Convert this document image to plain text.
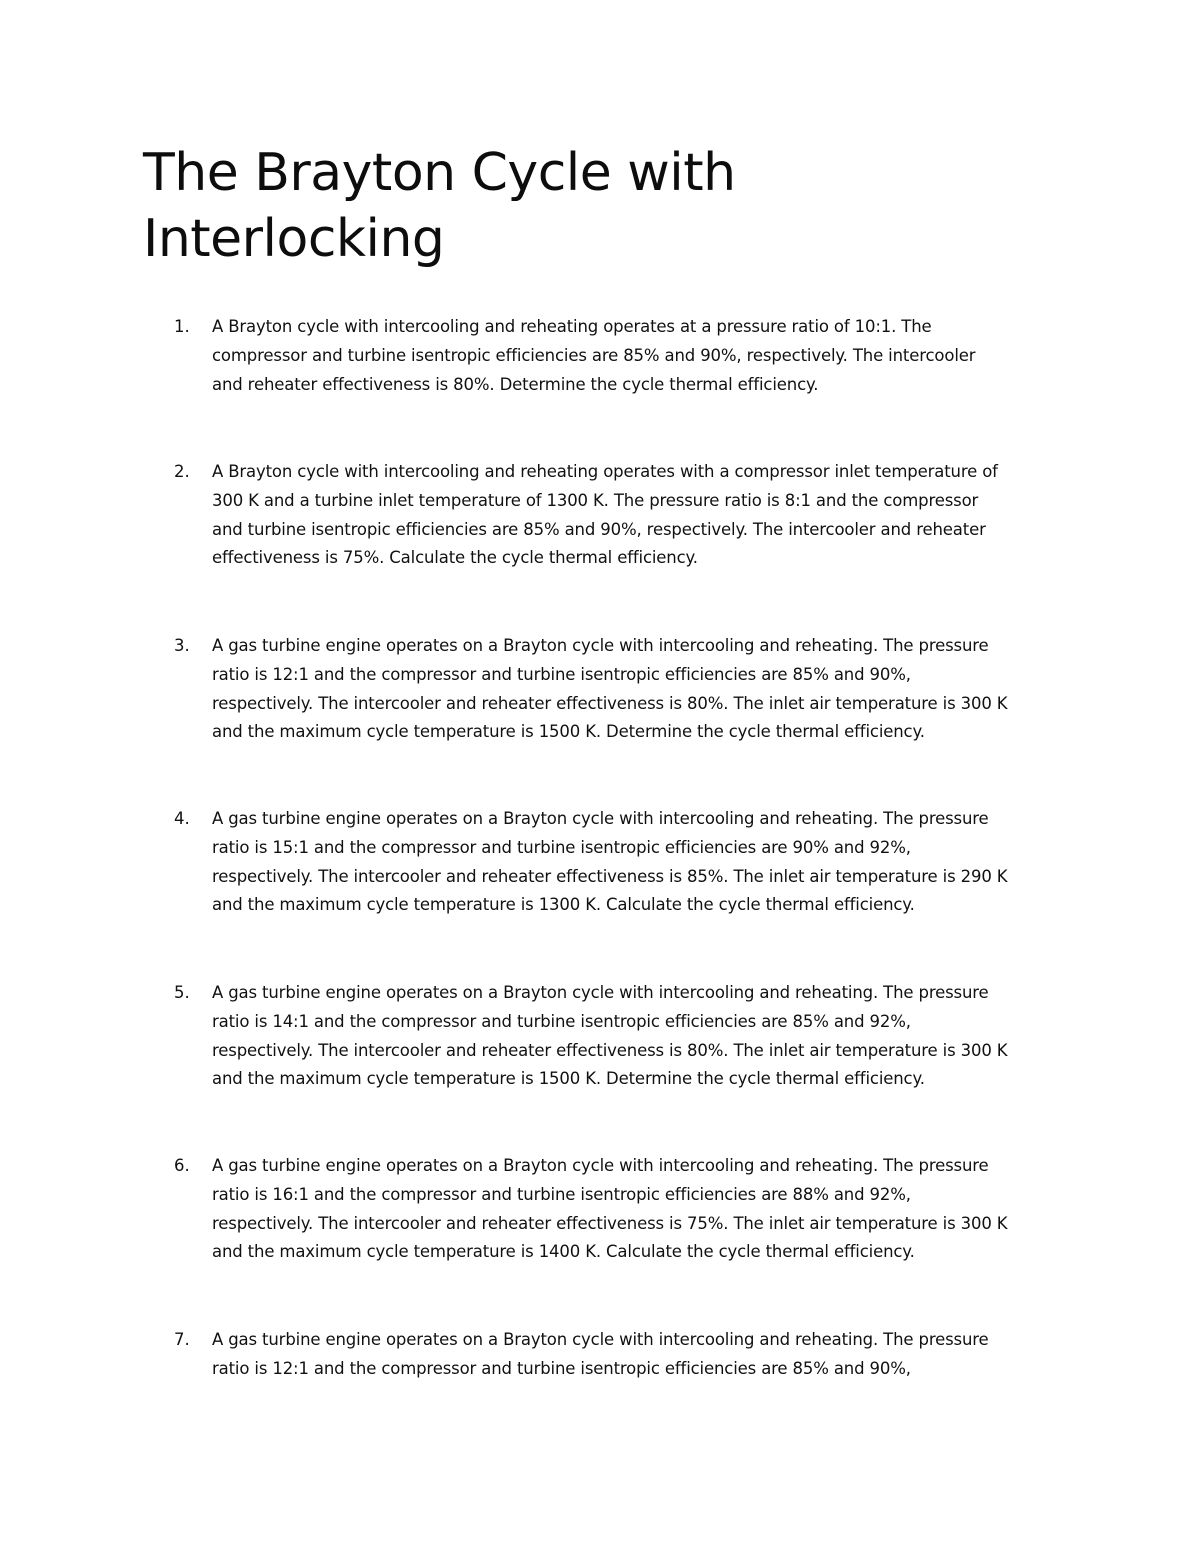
The Brayton Cycle with
Interlocking
1. A Brayton cycle with intercooling and reheating operates at a pressure ratio of 10:1. The
compressor and turbine isentropic efficiencies are 85% and 90%, respectively. The intercooler
and reheater effectiveness is 80%. Determine the cycle thermal efficiency.

2. A Brayton cycle with intercooling and reheating operates with a compressor inlet temperature of
300 K and a turbine inlet temperature of 1300 K. The pressure ratio is 8:1 and the compressor
and turbine isentropic efficiencies are 85% and 90%, respectively. The intercooler and reheater
effectiveness is 75%. Calculate the cycle thermal efficiency.

3. A gas turbine engine operates on a Brayton cycle with intercooling and reheating. The pressure
ratio is 12:1 and the compressor and turbine isentropic efficiencies are 85% and 90%,
respectively. The intercooler and reheater effectiveness is 80%. The inlet air temperature is 300 K
and the maximum cycle temperature is 1500 K. Determine the cycle thermal efficiency.

4. A gas turbine engine operates on a Brayton cycle with intercooling and reheating. The pressure
ratio is 15:1 and the compressor and turbine isentropic efficiencies are 90% and 92%,
respectively. The intercooler and reheater effectiveness is 85%. The inlet air temperature is 290 K
and the maximum cycle temperature is 1300 K. Calculate the cycle thermal efficiency.

5. A gas turbine engine operates on a Brayton cycle with intercooling and reheating. The pressure
ratio is 14:1 and the compressor and turbine isentropic efficiencies are 85% and 92%,
respectively. The intercooler and reheater effectiveness is 80%. The inlet air temperature is 300 K
and the maximum cycle temperature is 1500 K. Determine the cycle thermal efficiency.

6. A gas turbine engine operates on a Brayton cycle with intercooling and reheating. The pressure
ratio is 16:1 and the compressor and turbine isentropic efficiencies are 88% and 92%,
respectively. The intercooler and reheater effectiveness is 75%. The inlet air temperature is 300 K
and the maximum cycle temperature is 1400 K. Calculate the cycle thermal efficiency.

7. A gas turbine engine operates on a Brayton cycle with intercooling and reheating. The pressure
ratio is 12:1 and the compressor and turbine isentropic efficiencies are 85% and 90%,
